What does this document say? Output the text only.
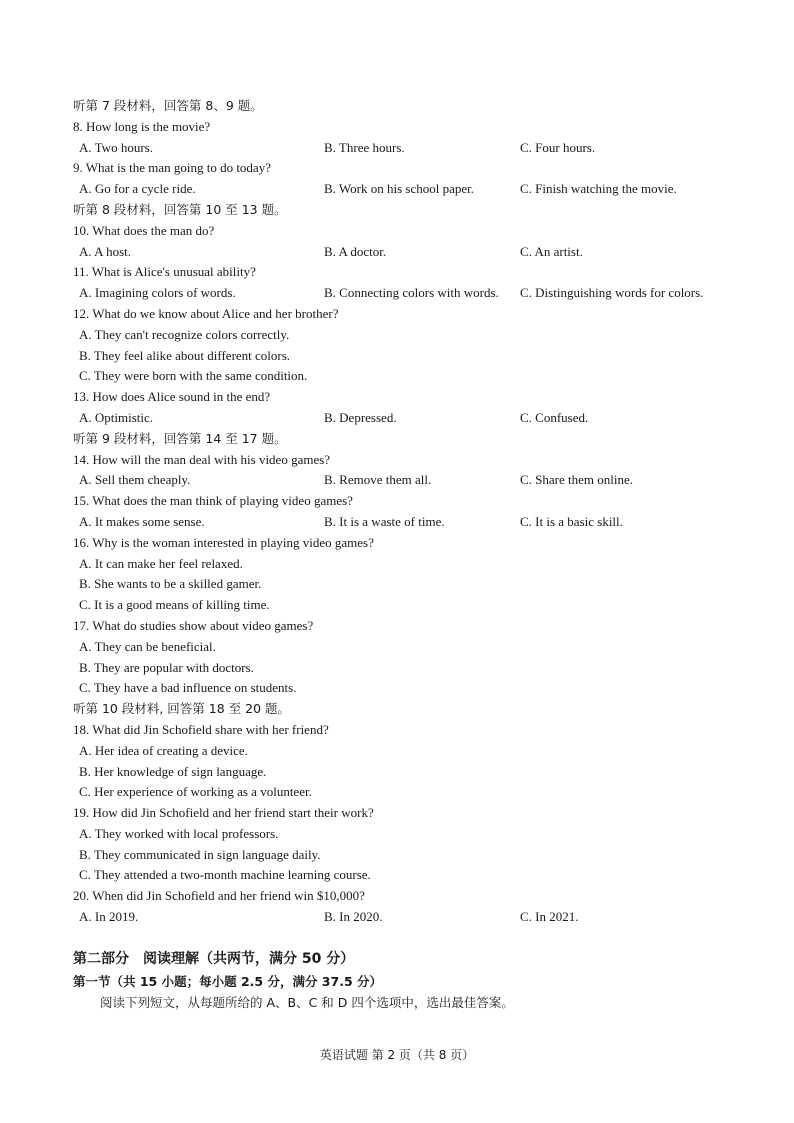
听第 7 段材料，回答第 8、9 题。
8. How long is the movie?
A. Two hours.	B. Three hours.	C. Four hours.
9. What is the man going to do today?
A. Go for a cycle ride.	B. Work on his school paper.	C. Finish watching the movie.
听第 8 段材料，回答第 10 至 13 题。
10. What does the man do?
A. A host.	B. A doctor.	C. An artist.
11. What is Alice's unusual ability?
A. Imagining colors of words.	B. Connecting colors with words. C. Distinguishing words for colors.
12. What do we know about Alice and her brother?
A. They can't recognize colors correctly.
B. They feel alike about different colors.
C. They were born with the same condition.
13. How does Alice sound in the end?
A. Optimistic.	B. Depressed.	C. Confused.
听第 9 段材料，回答第 14 至 17 题。
14. How will the man deal with his video games?
A. Sell them cheaply.	B. Remove them all.	C. Share them online.
15. What does the man think of playing video games?
A. It makes some sense.	B. It is a waste of time.	C. It is a basic skill.
16. Why is the woman interested in playing video games?
A. It can make her feel relaxed.
B. She wants to be a skilled gamer.
C. It is a good means of killing time.
17. What do studies show about video games?
A. They can be beneficial.
B. They are popular with doctors.
C. They have a bad influence on students.
听第 10 段材料, 回答第 18 至 20 题。
18. What did Jin Schofield share with her friend?
A. Her idea of creating a device.
B. Her knowledge of sign language.
C. Her experience of working as a volunteer.
19. How did Jin Schofield and her friend start their work?
A. They worked with local professors.
B. They communicated in sign language daily.
C. They attended a two-month machine learning course.
20. When did Jin Schofield and her friend win $10,000?
A. In 2019.	B. In 2020.	C. In 2021.
第二部分 阅读理解（共两节，满分 50 分）
第一节（共 15 小题；每小题 2.5 分，满分 37.5 分）
阅读下列短文，从每题所给的 A、B、C 和 D 四个选项中，选出最佳答案。
英语试题 第 2 页（共 8 页）
